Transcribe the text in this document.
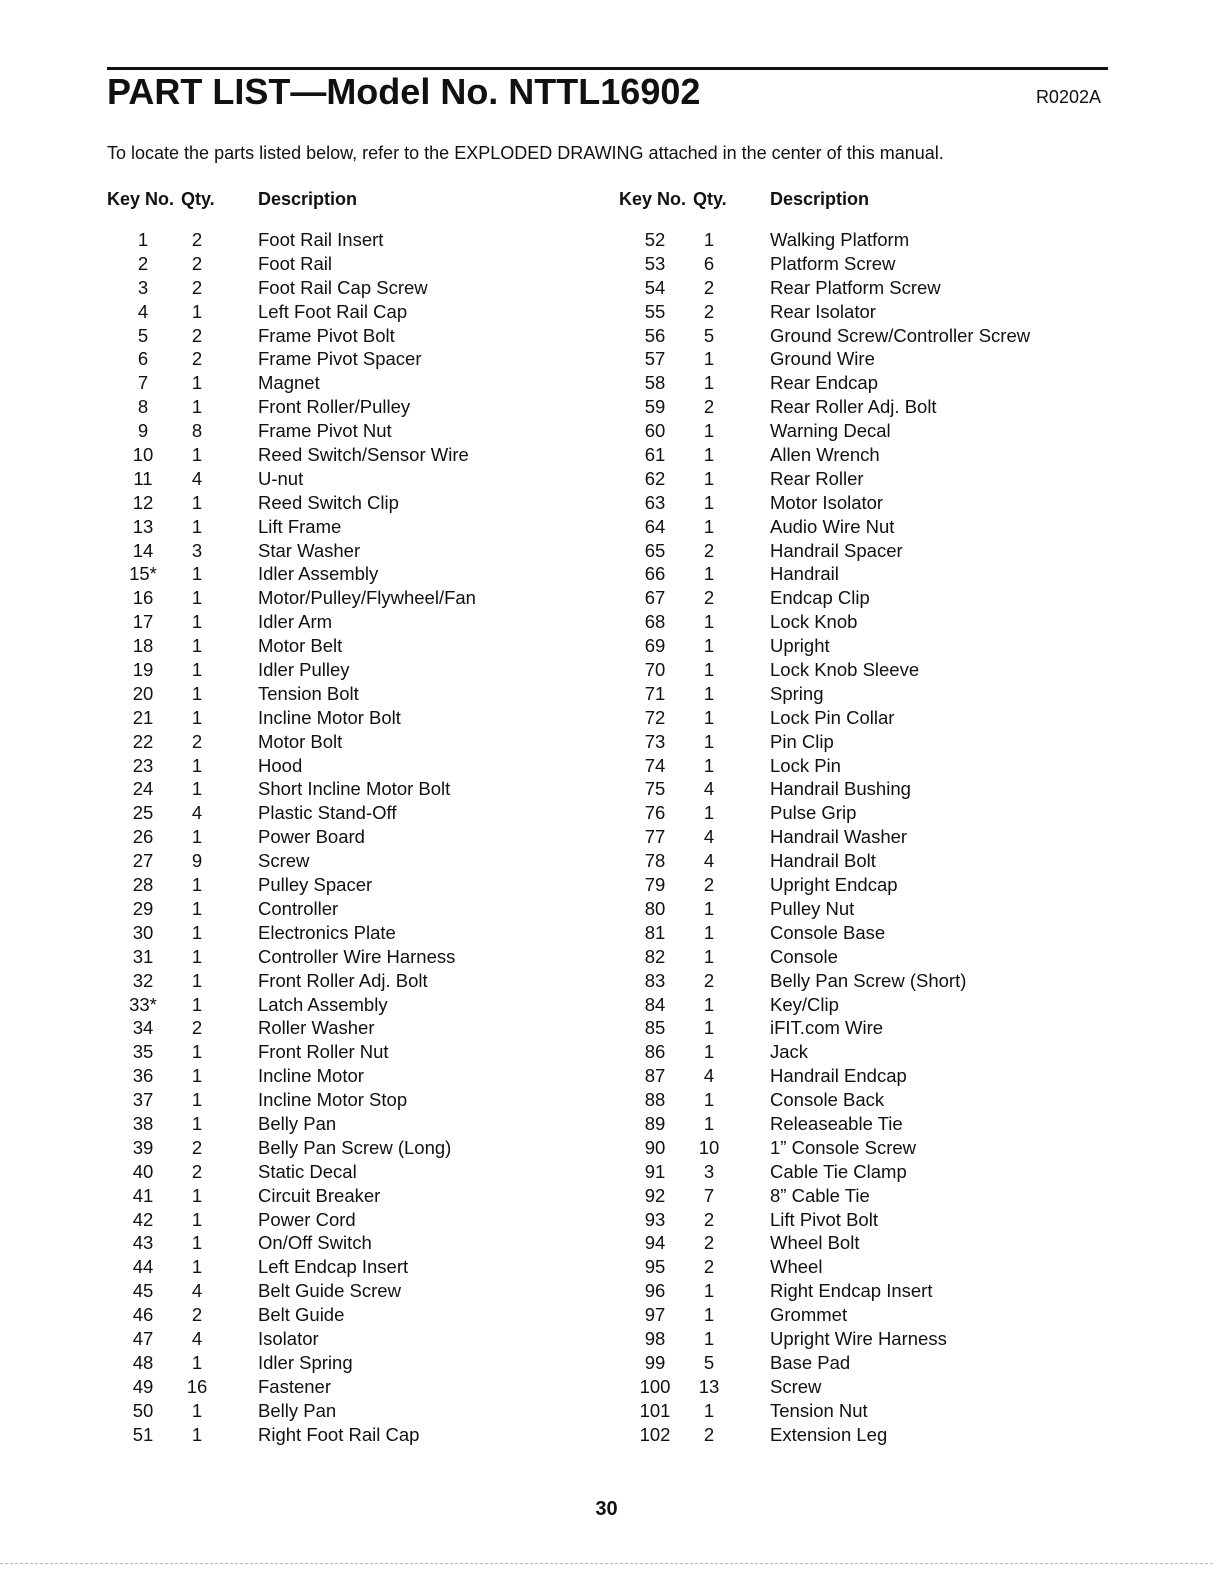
PART LIST—Model No. NTTL16902	R0202A
To locate the parts listed below, refer to the EXPLODED DRAWING attached in the center of this manual.
Key No. Qty. Description	Key No. Qty. Description
1	2	Foot Rail Insert
2	2	Foot Rail
3	2	Foot Rail Cap Screw
4	1	Left Foot Rail Cap
5	2	Frame Pivot Bolt
6	2	Frame Pivot Spacer
7	1	Magnet
8	1	Front Roller/Pulley
9	8	Frame Pivot Nut
10	1	Reed Switch/Sensor Wire
11	4	U-nut
12	1	Reed Switch Clip
13	1	Lift Frame
14	3	Star Washer
15*	1	Idler Assembly
16	1	Motor/Pulley/Flywheel/Fan
17	1	Idler Arm
18	1	Motor Belt
19	1	Idler Pulley
20	1	Tension Bolt
21	1	Incline Motor Bolt
22	2	Motor Bolt
23	1	Hood
24	1	Short Incline Motor Bolt
25	4	Plastic Stand-Off
26	1	Power Board
27	9	Screw
28	1	Pulley Spacer
29	1	Controller
30	1	Electronics Plate
31	1	Controller Wire Harness
32	1	Front Roller Adj. Bolt
33*	1	Latch Assembly
34	2	Roller Washer
35	1	Front Roller Nut
36	1	Incline Motor
37	1	Incline Motor Stop
38	1	Belly Pan
39	2	Belly Pan Screw (Long)
40	2	Static Decal
41	1	Circuit Breaker
42	1	Power Cord
43	1	On/Off Switch
44	1	Left Endcap Insert
45	4	Belt Guide Screw
46	2	Belt Guide
47	4	Isolator
48	1	Idler Spring
49	16	Fastener
50	1	Belly Pan
51	1	Right Foot Rail Cap
52	1	Walking Platform
53	6	Platform Screw
54	2	Rear Platform Screw
55	2	Rear Isolator
56	5	Ground Screw/Controller Screw
57	1	Ground Wire
58	1	Rear Endcap
59	2	Rear Roller Adj. Bolt
60	1	Warning Decal
61	1	Allen Wrench
62	1	Rear Roller
63	1	Motor Isolator
64	1	Audio Wire Nut
65	2	Handrail Spacer
66	1	Handrail
67	2	Endcap Clip
68	1	Lock Knob
69	1	Upright
70	1	Lock Knob Sleeve
71	1	Spring
72	1	Lock Pin Collar
73	1	Pin Clip
74	1	Lock Pin
75	4	Handrail Bushing
76	1	Pulse Grip
77	4	Handrail Washer
78	4	Handrail Bolt
79	2	Upright Endcap
80	1	Pulley Nut
81	1	Console Base
82	1	Console
83	2	Belly Pan Screw (Short)
84	1	Key/Clip
85	1	iFIT.com Wire
86	1	Jack
87	4	Handrail Endcap
88	1	Console Back
89	1	Releaseable Tie
90	10	1” Console Screw
91	3	Cable Tie Clamp
92	7	8” Cable Tie
93	2	Lift Pivot Bolt
94	2	Wheel Bolt
95	2	Wheel
96	1	Right Endcap Insert
97	1	Grommet
98	1	Upright Wire Harness
99	5	Base Pad
100	13	Screw
101	1	Tension Nut
102	2	Extension Leg
30
